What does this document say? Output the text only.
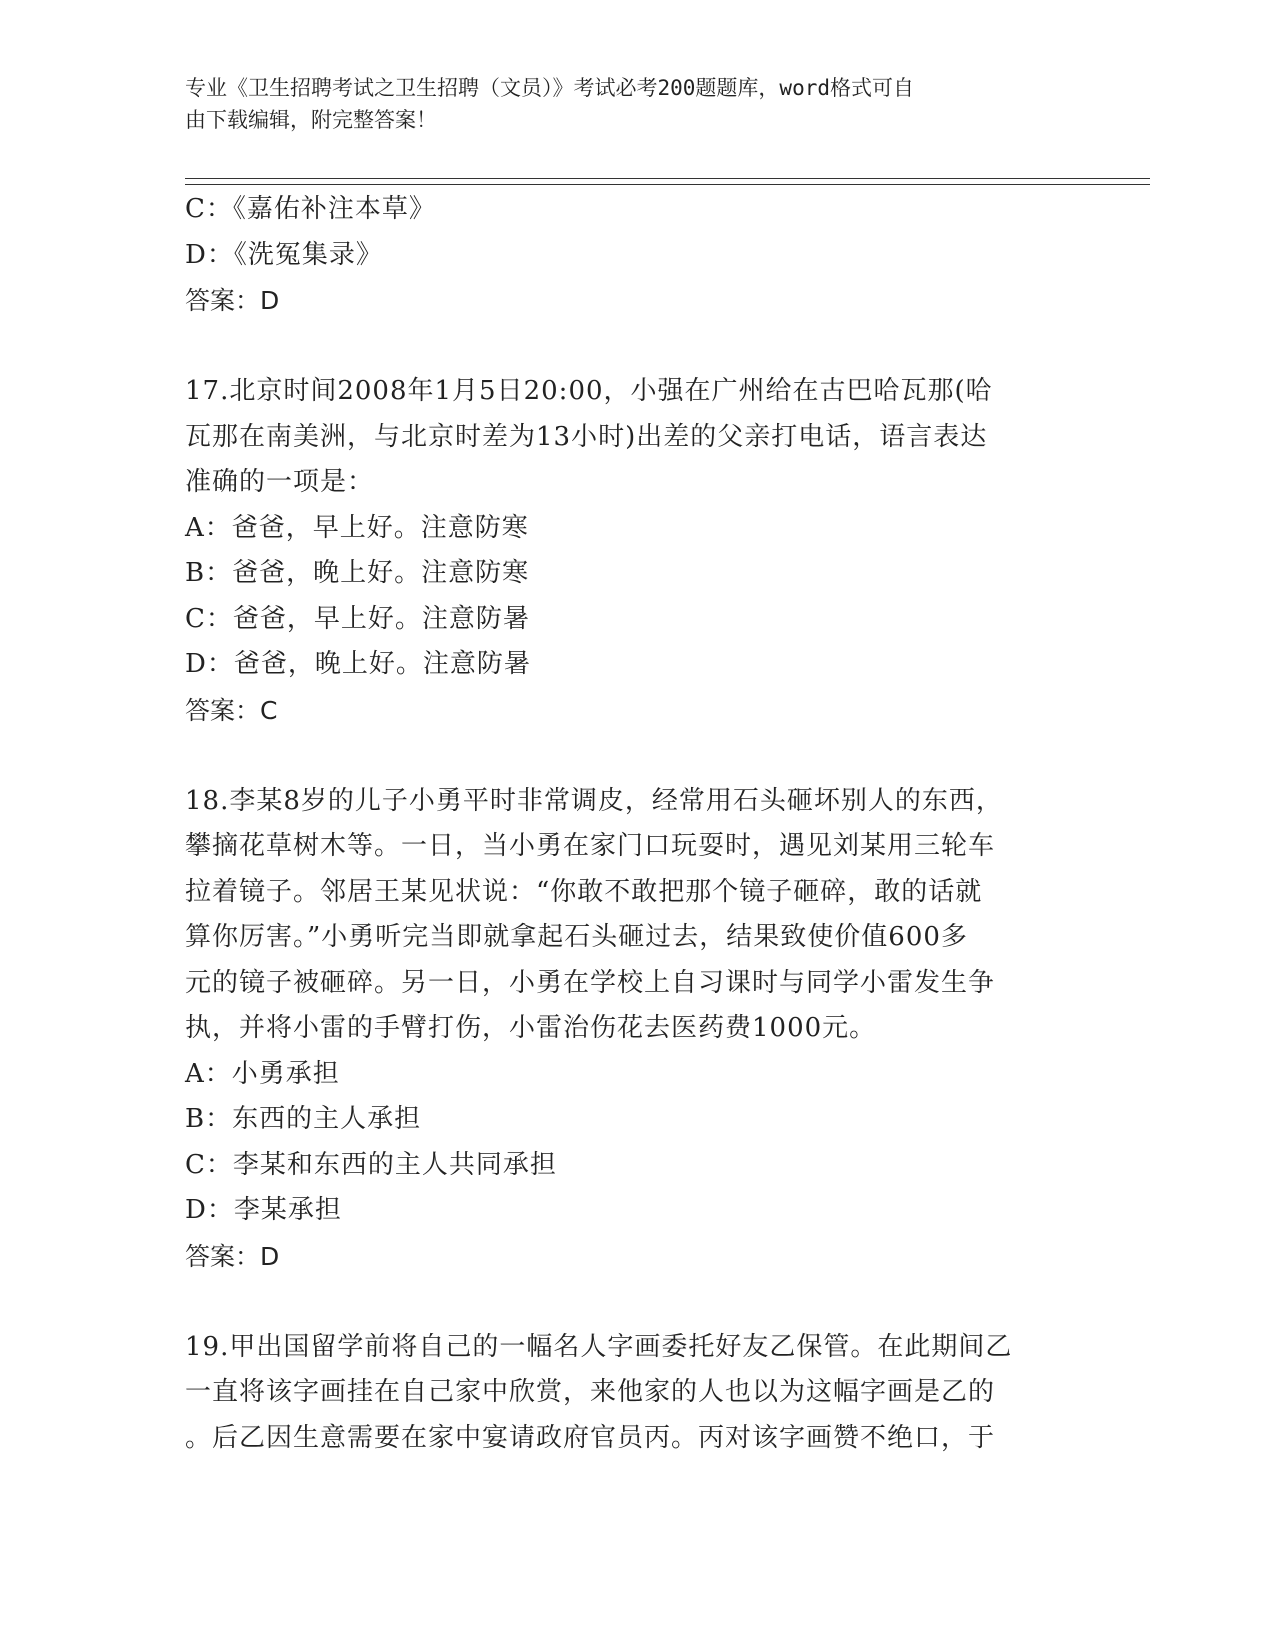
专业《卫生招聘考试之卫生招聘（文员）》考试必考200题题库，word格式可自
由下载编辑，附完整答案！
C：《嘉佑补注本草》
D：《洗冤集录》
答案：D
17.北京时间2008年1月5日20:00，小强在广州给在古巴哈瓦那(哈
瓦那在南美洲，与北京时差为13小时)出差的父亲打电话，语言表达
准确的一项是：
A：爸爸，早上好。注意防寒
B：爸爸，晚上好。注意防寒
C：爸爸，早上好。注意防暑
D：爸爸，晚上好。注意防暑
答案：C
18.李某8岁的儿子小勇平时非常调皮，经常用石头砸坏别人的东西，
攀摘花草树木等。一日，当小勇在家门口玩耍时，遇见刘某用三轮车
拉着镜子。邻居王某见状说：“你敢不敢把那个镜子砸碎，敢的话就
算你厉害。”小勇听完当即就拿起石头砸过去，结果致使价值600多
元的镜子被砸碎。另一日，小勇在学校上自习课时与同学小雷发生争
执，并将小雷的手臂打伤，小雷治伤花去医药费1000元。
A：小勇承担
B：东西的主人承担
C：李某和东西的主人共同承担
D：李某承担
答案：D
19.甲出国留学前将自己的一幅名人字画委托好友乙保管。在此期间乙
一直将该字画挂在自己家中欣赏，来他家的人也以为这幅字画是乙的
。后乙因生意需要在家中宴请政府官员丙。丙对该字画赞不绝口，于
